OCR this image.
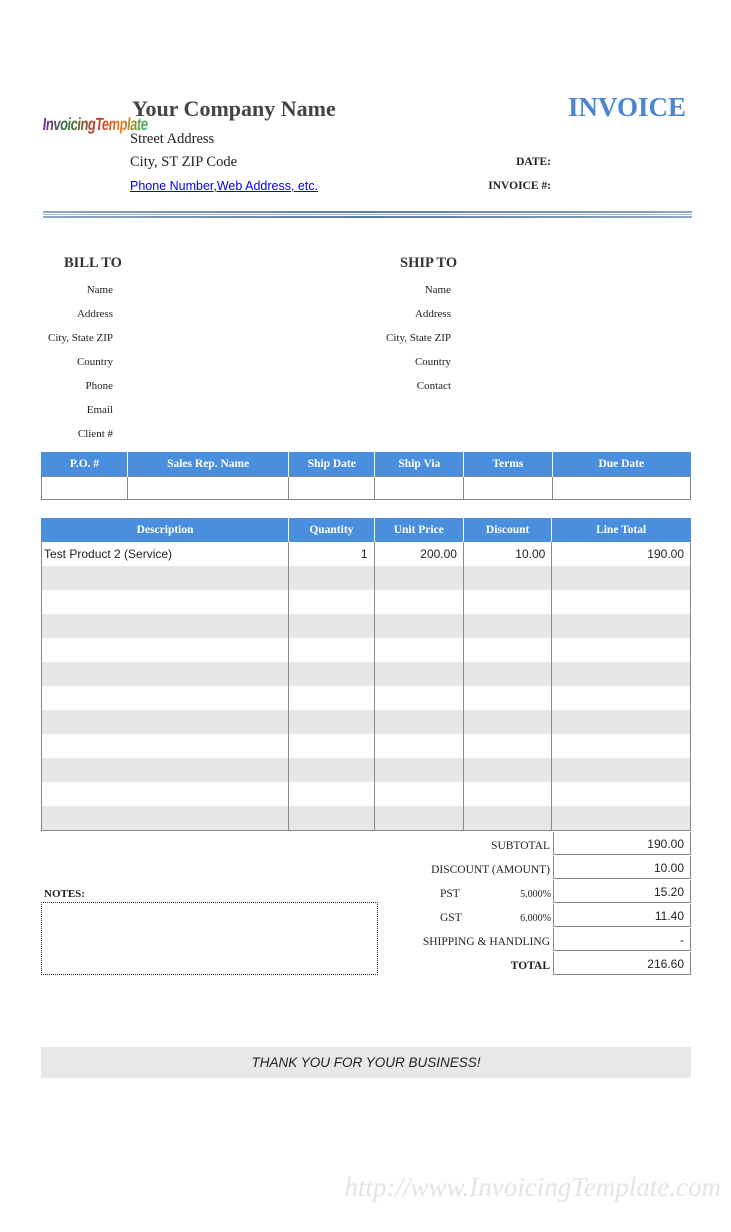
InvoicingTemplate
Your Company Name
Street Address
City, ST ZIP Code
Phone Number,Web Address, etc.
INVOICE
DATE:
INVOICE #:
BILL TO	SHIP TO
Name
Address
City, State ZIP
Country
Phone
Email
Client #
Name
Address
City, State ZIP
Country
Contact
P.O. #	Sales Rep. Name	Ship Date	Ship Via	Terms	Due Date

Description	Quantity	Unit Price	Discount	Line Total
Test Product 2 (Service)	1	200.00	10.00	190.00

SUBTOTAL	190.00
DISCOUNT (AMOUNT)	10.00
PST	5.000%	15.20
GST	6.000%	11.40
SHIPPING & HANDLING	-
TOTAL	216.60
NOTES:
THANK YOU FOR YOUR BUSINESS!
http://www.InvoicingTemplate.com
